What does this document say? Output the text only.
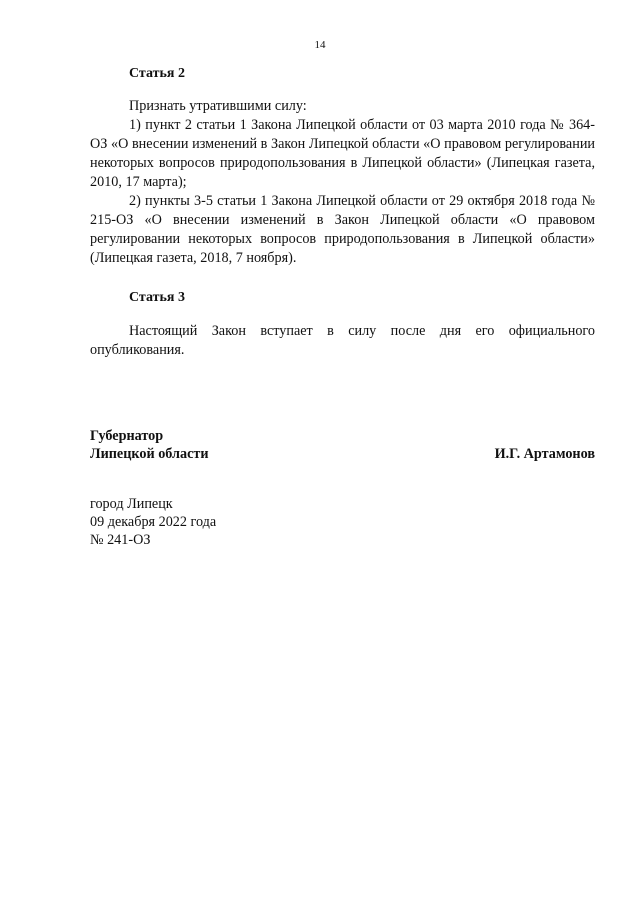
14
Статья 2

Признать утратившими силу:

1) пункт 2 статьи 1 Закона Липецкой области от 03 марта 2010 года № 364-ОЗ «О внесении изменений в Закон Липецкой области «О правовом регулировании некоторых вопросов природопользования в Липецкой области» (Липецкая газета, 2010, 17 марта);

2) пункты 3-5 статьи 1 Закона Липецкой области от 29 октября 2018 года № 215-ОЗ «О внесении изменений в Закон Липецкой области «О правовом регулировании некоторых вопросов природопользования в Липецкой области» (Липецкая газета, 2018, 7 ноября).

Статья 3

Настоящий Закон вступает в силу после дня его официального опубликования.

Губернатор
Липецкой области	И.Г. Артамонов
город Липецк
09 декабря 2022 года
№ 241-ОЗ
